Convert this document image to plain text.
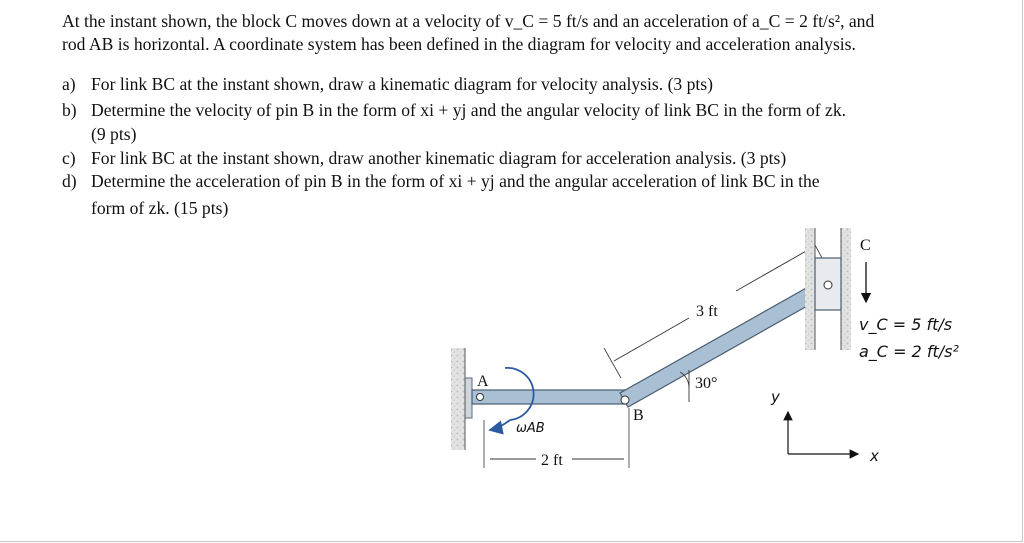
At the instant shown, the block C moves down at a velocity of v_C = 5 ft/s and an acceleration of a_C = 2 ft/s², and
rod AB is horizontal. A coordinate system has been defined in the diagram for velocity and acceleration analysis.
a) For link BC at the instant shown, draw a kinematic diagram for velocity analysis. (3 pts)
b) Determine the velocity of pin B in the form of xi + yj and the angular velocity of link BC in the form of zk.
(9 pts)
c) For link BC at the instant shown, draw another kinematic diagram for acceleration analysis. (3 pts)
d) Determine the acceleration of pin B in the form of xi + yj and the angular acceleration of link BC in the
form of zk. (15 pts)
A
ωAB
2 ft
B
3 ft
30°
C
v_C = 5 ft/s
a_C = 2 ft/s²
y
x
